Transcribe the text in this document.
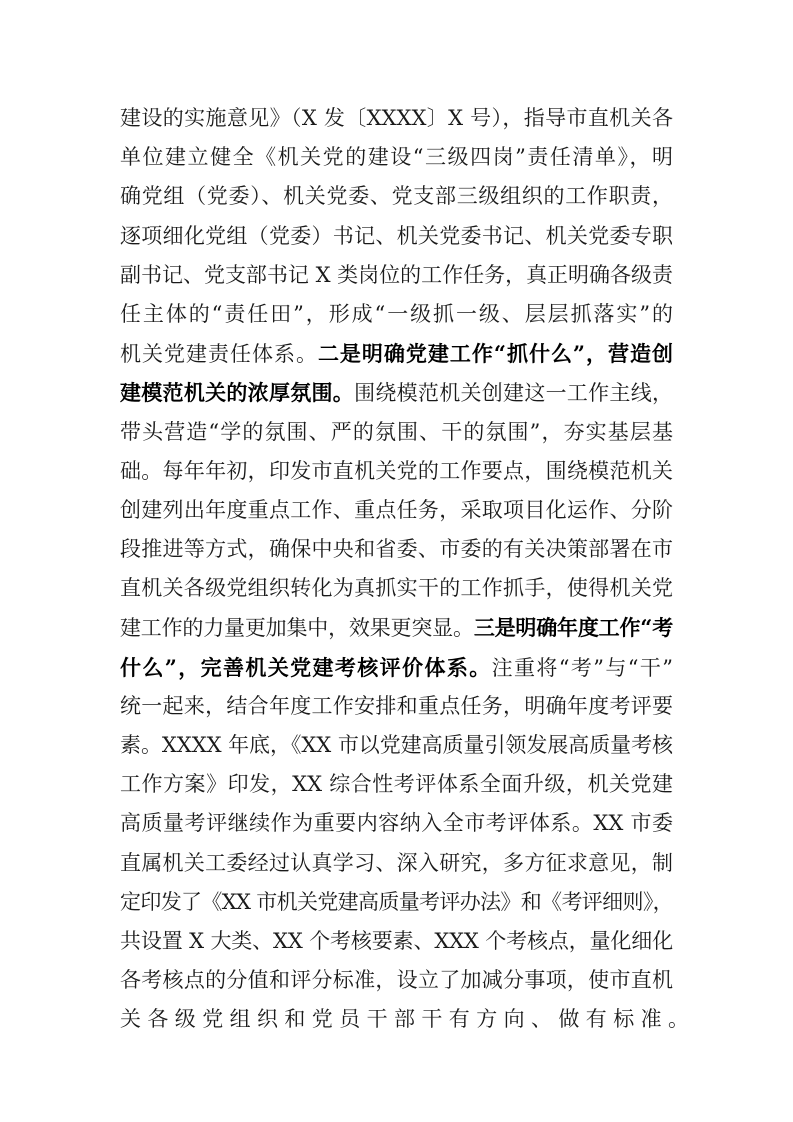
建设的实施意见》（X 发〔XXXX〕X 号），指导市直机关各
单位建立健全《机关党的建设“三级四岗”责任清单》，明
确党组（党委）、机关党委、党支部三级组织的工作职责，
逐项细化党组（党委）书记、机关党委书记、机关党委专职
副书记、党支部书记 X 类岗位的工作任务，真正明确各级责
任主体的“责任田”，形成“一级抓一级、层层抓落实”的
机关党建责任体系。二是明确党建工作“抓什么”，营造创
建模范机关的浓厚氛围。围绕模范机关创建这一工作主线，
带头营造“学的氛围、严的氛围、干的氛围”，夯实基层基
础。每年年初，印发市直机关党的工作要点，围绕模范机关
创建列出年度重点工作、重点任务，采取项目化运作、分阶
段推进等方式，确保中央和省委、市委的有关决策部署在市
直机关各级党组织转化为真抓实干的工作抓手，使得机关党
建工作的力量更加集中，效果更突显。三是明确年度工作“考
什么”，完善机关党建考核评价体系。注重将“考”与“干”
统一起来，结合年度工作安排和重点任务，明确年度考评要
素。XXXX 年底，《XX 市以党建高质量引领发展高质量考核
工作方案》印发，XX 综合性考评体系全面升级，机关党建
高质量考评继续作为重要内容纳入全市考评体系。XX 市委
直属机关工委经过认真学习、深入研究，多方征求意见，制
定印发了《XX 市机关党建高质量考评办法》和《考评细则》，
共设置 X 大类、XX 个考核要素、XXX 个考核点，量化细化
各考核点的分值和评分标准，设立了加减分事项，使市直机
关各级党组织和党员干部干有方向、做有标准。
